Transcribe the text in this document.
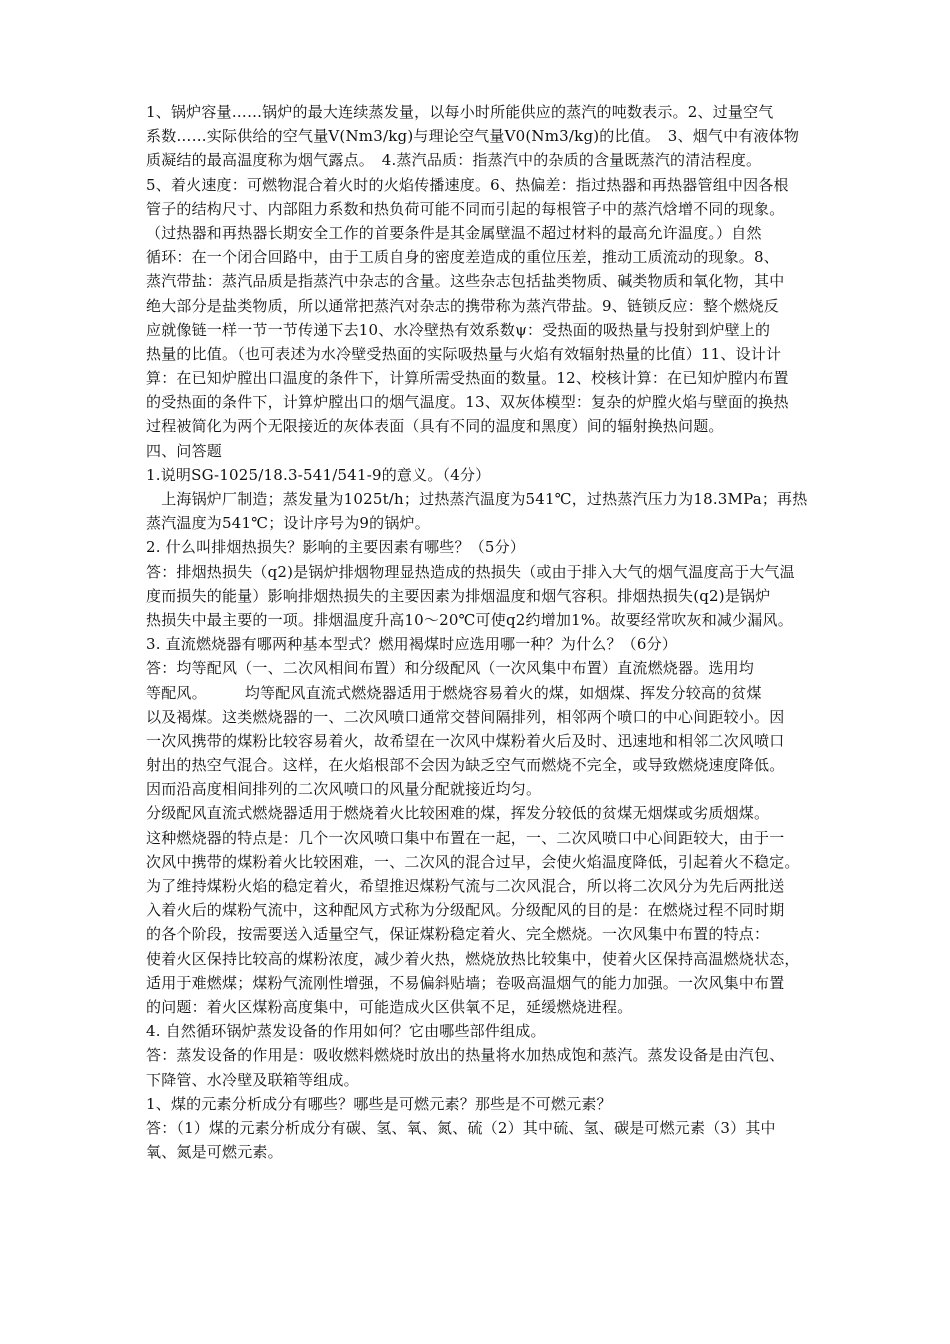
1、锅炉容量……锅炉的最大连续蒸发量，以每小时所能供应的蒸汽的吨数表示。2、过量空气
系数……实际供给的空气量V(Nm3/kg)与理论空气量V0(Nm3/kg)的比值。　3、烟气中有液体物
质凝结的最高温度称为烟气露点。　4.蒸汽品质：指蒸汽中的杂质的含量既蒸汽的清洁程度。
5、着火速度：可燃物混合着火时的火焰传播速度。6、热偏差：指过热器和再热器管组中因各根
管子的结构尺寸、内部阻力系数和热负荷可能不同而引起的每根管子中的蒸汽焓增不同的现象。
（过热器和再热器长期安全工作的首要条件是其金属壁温不超过材料的最高允许温度。）自然
循环：在一个闭合回路中，由于工质自身的密度差造成的重位压差，推动工质流动的现象。8、
蒸汽带盐：蒸汽品质是指蒸汽中杂志的含量。这些杂志包括盐类物质、碱类物质和氧化物，其中
绝大部分是盐类物质，所以通常把蒸汽对杂志的携带称为蒸汽带盐。9、链锁反应：整个燃烧反
应就像链一样一节一节传递下去10、水冷壁热有效系数ψ：受热面的吸热量与投射到炉壁上的
热量的比值。（也可表述为水冷壁受热面的实际吸热量与火焰有效辐射热量的比值）11、设计计
算：在已知炉膛出口温度的条件下，计算所需受热面的数量。12、校核计算：在已知炉膛内布置
的受热面的条件下，计算炉膛出口的烟气温度。13、双灰体模型：复杂的炉膛火焰与壁面的换热
过程被简化为两个无限接近的灰体表面（具有不同的温度和黑度）间的辐射换热问题。
四、问答题
1.说明SG-1025/18.3-541/541-9的意义。（4分）
　上海锅炉厂制造；蒸发量为1025t/h；过热蒸汽温度为541℃，过热蒸汽压力为18.3MPa；再热
蒸汽温度为541℃；设计序号为9的锅炉。
2. 什么叫排烟热损失？影响的主要因素有哪些？（5分）
答：排烟热损失（q2)是锅炉排烟物理显热造成的热损失（或由于排入大气的烟气温度高于大气温
度而损失的能量）影响排烟热损失的主要因素为排烟温度和烟气容积。排烟热损失(q2)是锅炉
热损失中最主要的一项。排烟温度升高10～20℃可使q2约增加1%。故要经常吹灰和减少漏风。
3. 直流燃烧器有哪两种基本型式？燃用褐煤时应选用哪一种？为什么？（6分）
答：均等配风（一、二次风相间布置）和分级配风（一次风集中布置）直流燃烧器。选用均
等配风。　　　均等配风直流式燃烧器适用于燃烧容易着火的煤，如烟煤、挥发分较高的贫煤
以及褐煤。这类燃烧器的一、二次风喷口通常交替间隔排列，相邻两个喷口的中心间距较小。因
一次风携带的煤粉比较容易着火，故希望在一次风中煤粉着火后及时、迅速地和相邻二次风喷口
射出的热空气混合。这样，在火焰根部不会因为缺乏空气而燃烧不完全，或导致燃烧速度降低。
因而沿高度相间排列的二次风喷口的风量分配就接近均匀。
分级配风直流式燃烧器适用于燃烧着火比较困难的煤，挥发分较低的贫煤无烟煤或劣质烟煤。
这种燃烧器的特点是：几个一次风喷口集中布置在一起，一、二次风喷口中心间距较大，由于一
次风中携带的煤粉着火比较困难，一、二次风的混合过早，会使火焰温度降低，引起着火不稳定。
为了维持煤粉火焰的稳定着火，希望推迟煤粉气流与二次风混合，所以将二次风分为先后两批送
入着火后的煤粉气流中，这种配风方式称为分级配风。分级配风的目的是：在燃烧过程不同时期
的各个阶段，按需要送入适量空气，保证煤粉稳定着火、完全燃烧。一次风集中布置的特点：
使着火区保持比较高的煤粉浓度，减少着火热，燃烧放热比较集中，使着火区保持高温燃烧状态，
适用于难燃煤；煤粉气流刚性增强，不易偏斜贴墙；卷吸高温烟气的能力加强。一次风集中布置
的问题：着火区煤粉高度集中，可能造成火区供氧不足，延缓燃烧进程。
4. 自然循环锅炉蒸发设备的作用如何？它由哪些部件组成。
答：蒸发设备的作用是：吸收燃料燃烧时放出的热量将水加热成饱和蒸汽。蒸发设备是由汽包、
下降管、水冷壁及联箱等组成。
1、煤的元素分析成分有哪些？哪些是可燃元素？那些是不可燃元素？
答：（1）煤的元素分析成分有碳、氢、氧、氮、硫（2）其中硫、氢、碳是可燃元素（3）其中
氧、氮是可燃元素。
